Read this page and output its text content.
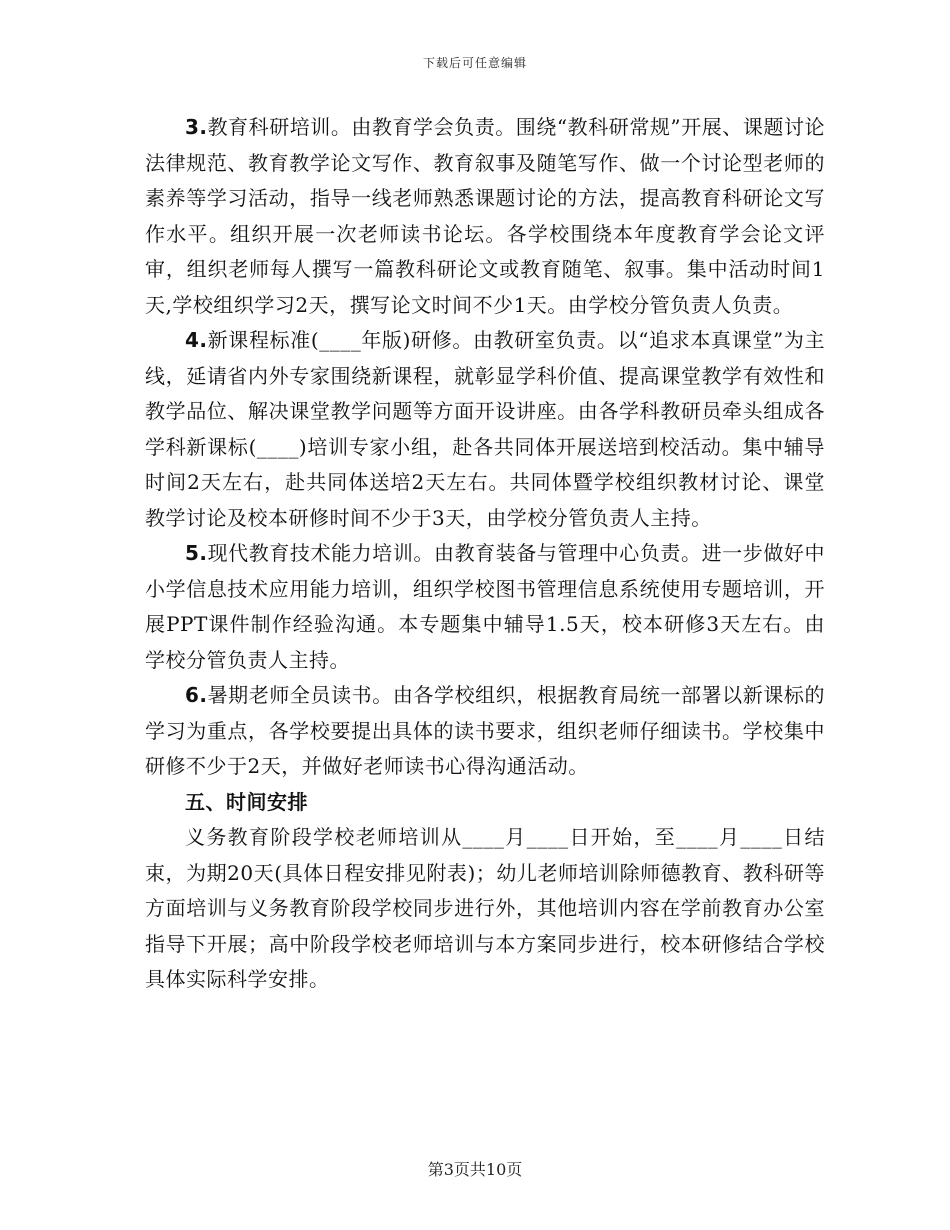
下载后可任意编辑

3.教育科研培训。由教育学会负责。围绕“教科研常规”开展、课题讨论法律规范、教育教学论文写作、教育叙事及随笔写作、做一个讨论型老师的素养等学习活动，指导一线老师熟悉课题讨论的方法，提高教育科研论文写作水平。组织开展一次老师读书论坛。各学校围绕本年度教育学会论文评审，组织老师每人撰写一篇教科研论文或教育随笔、叙事。集中活动时间1天,学校组织学习2天，撰写论文时间不少1天。由学校分管负责人负责。

4.新课程标准(____年版)研修。由教研室负责。以“追求本真课堂”为主线，延请省内外专家围绕新课程，就彰显学科价值、提高课堂教学有效性和教学品位、解决课堂教学问题等方面开设讲座。由各学科教研员牵头组成各学科新课标(____)培训专家小组，赴各共同体开展送培到校活动。集中辅导时间2天左右，赴共同体送培2天左右。共同体暨学校组织教材讨论、课堂教学讨论及校本研修时间不少于3天，由学校分管负责人主持。

5.现代教育技术能力培训。由教育装备与管理中心负责。进一步做好中小学信息技术应用能力培训，组织学校图书管理信息系统使用专题培训，开展PPT课件制作经验沟通。本专题集中辅导1.5天，校本研修3天左右。由学校分管负责人主持。

6.暑期老师全员读书。由各学校组织，根据教育局统一部署以新课标的学习为重点，各学校要提出具体的读书要求，组织老师仔细读书。学校集中研修不少于2天，并做好老师读书心得沟通活动。

五、时间安排

义务教育阶段学校老师培训从____月____日开始，至____月____日结束，为期20天(具体日程安排见附表)；幼儿老师培训除师德教育、教科研等方面培训与义务教育阶段学校同步进行外，其他培训内容在学前教育办公室指导下开展；高中阶段学校老师培训与本方案同步进行，校本研修结合学校具体实际科学安排。

第3页共10页
